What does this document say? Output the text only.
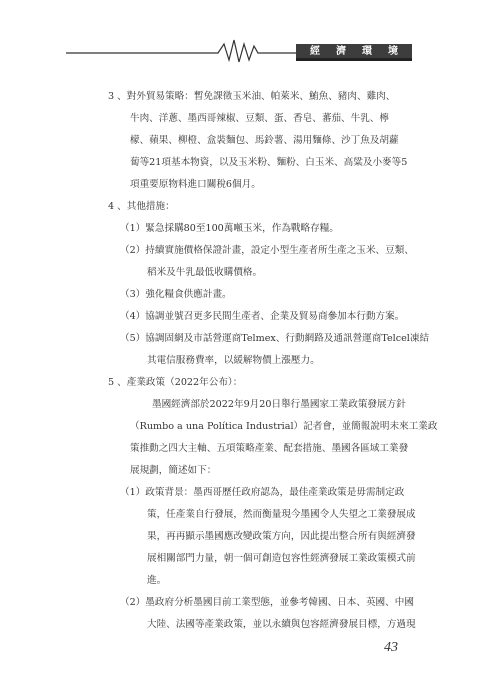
經 濟 環 境
3 、對外貿易策略：暫免課徵玉米油、帕萊米、鮪魚、豬肉、雞肉、
牛肉、洋蔥、墨西哥辣椒、豆類、蛋、香皂、蕃茄、牛乳、檸
檬、蘋果、柳橙、盒裝麵包、馬鈴薯、湯用麵條、沙丁魚及胡蘿
蔔等21項基本物資，以及玉米粉、麵粉、白玉米、高粱及小麥等5
項重要原物料進口關稅6個月。
4 、其他措施：
（1）緊急採購80至100萬噸玉米，作為戰略存糧。
（2）持續實施價格保證計畫，設定小型生產者所生產之玉米、豆類、
稻米及牛乳最低收購價格。
（3）強化糧食供應計畫。
（4）協調並號召更多民間生產者、企業及貿易商參加本行動方案。
（5）協調固網及市話營運商Telmex、行動網路及通訊營運商Telcel凍結
其電信服務費率，以緩解物價上漲壓力。
5 、產業政策（2022年公布）：
墨國經濟部於2022年9月20日舉行墨國家工業政策發展方針
（Rumbo a una Política Industrial）記者會，並簡報說明未來工業政
策推動之四大主軸、五項策略產業、配套措施、墨國各區域工業發
展規劃，簡述如下：
（1）政策背景：墨西哥歷任政府認為，最佳產業政策是毋需制定政
策，任產業自行發展，然而衡量現今墨國令人失望之工業發展成
果，再再顯示墨國應改變政策方向，因此提出整合所有與經濟發
展相關部門力量，朝一個可創造包容性經濟發展工業政策模式前
進。
（2）墨政府分析墨國目前工業型態，並參考韓國、日本、英國、中國
大陸、法國等產業政策，並以永續與包容經濟發展目標，方過現
43
